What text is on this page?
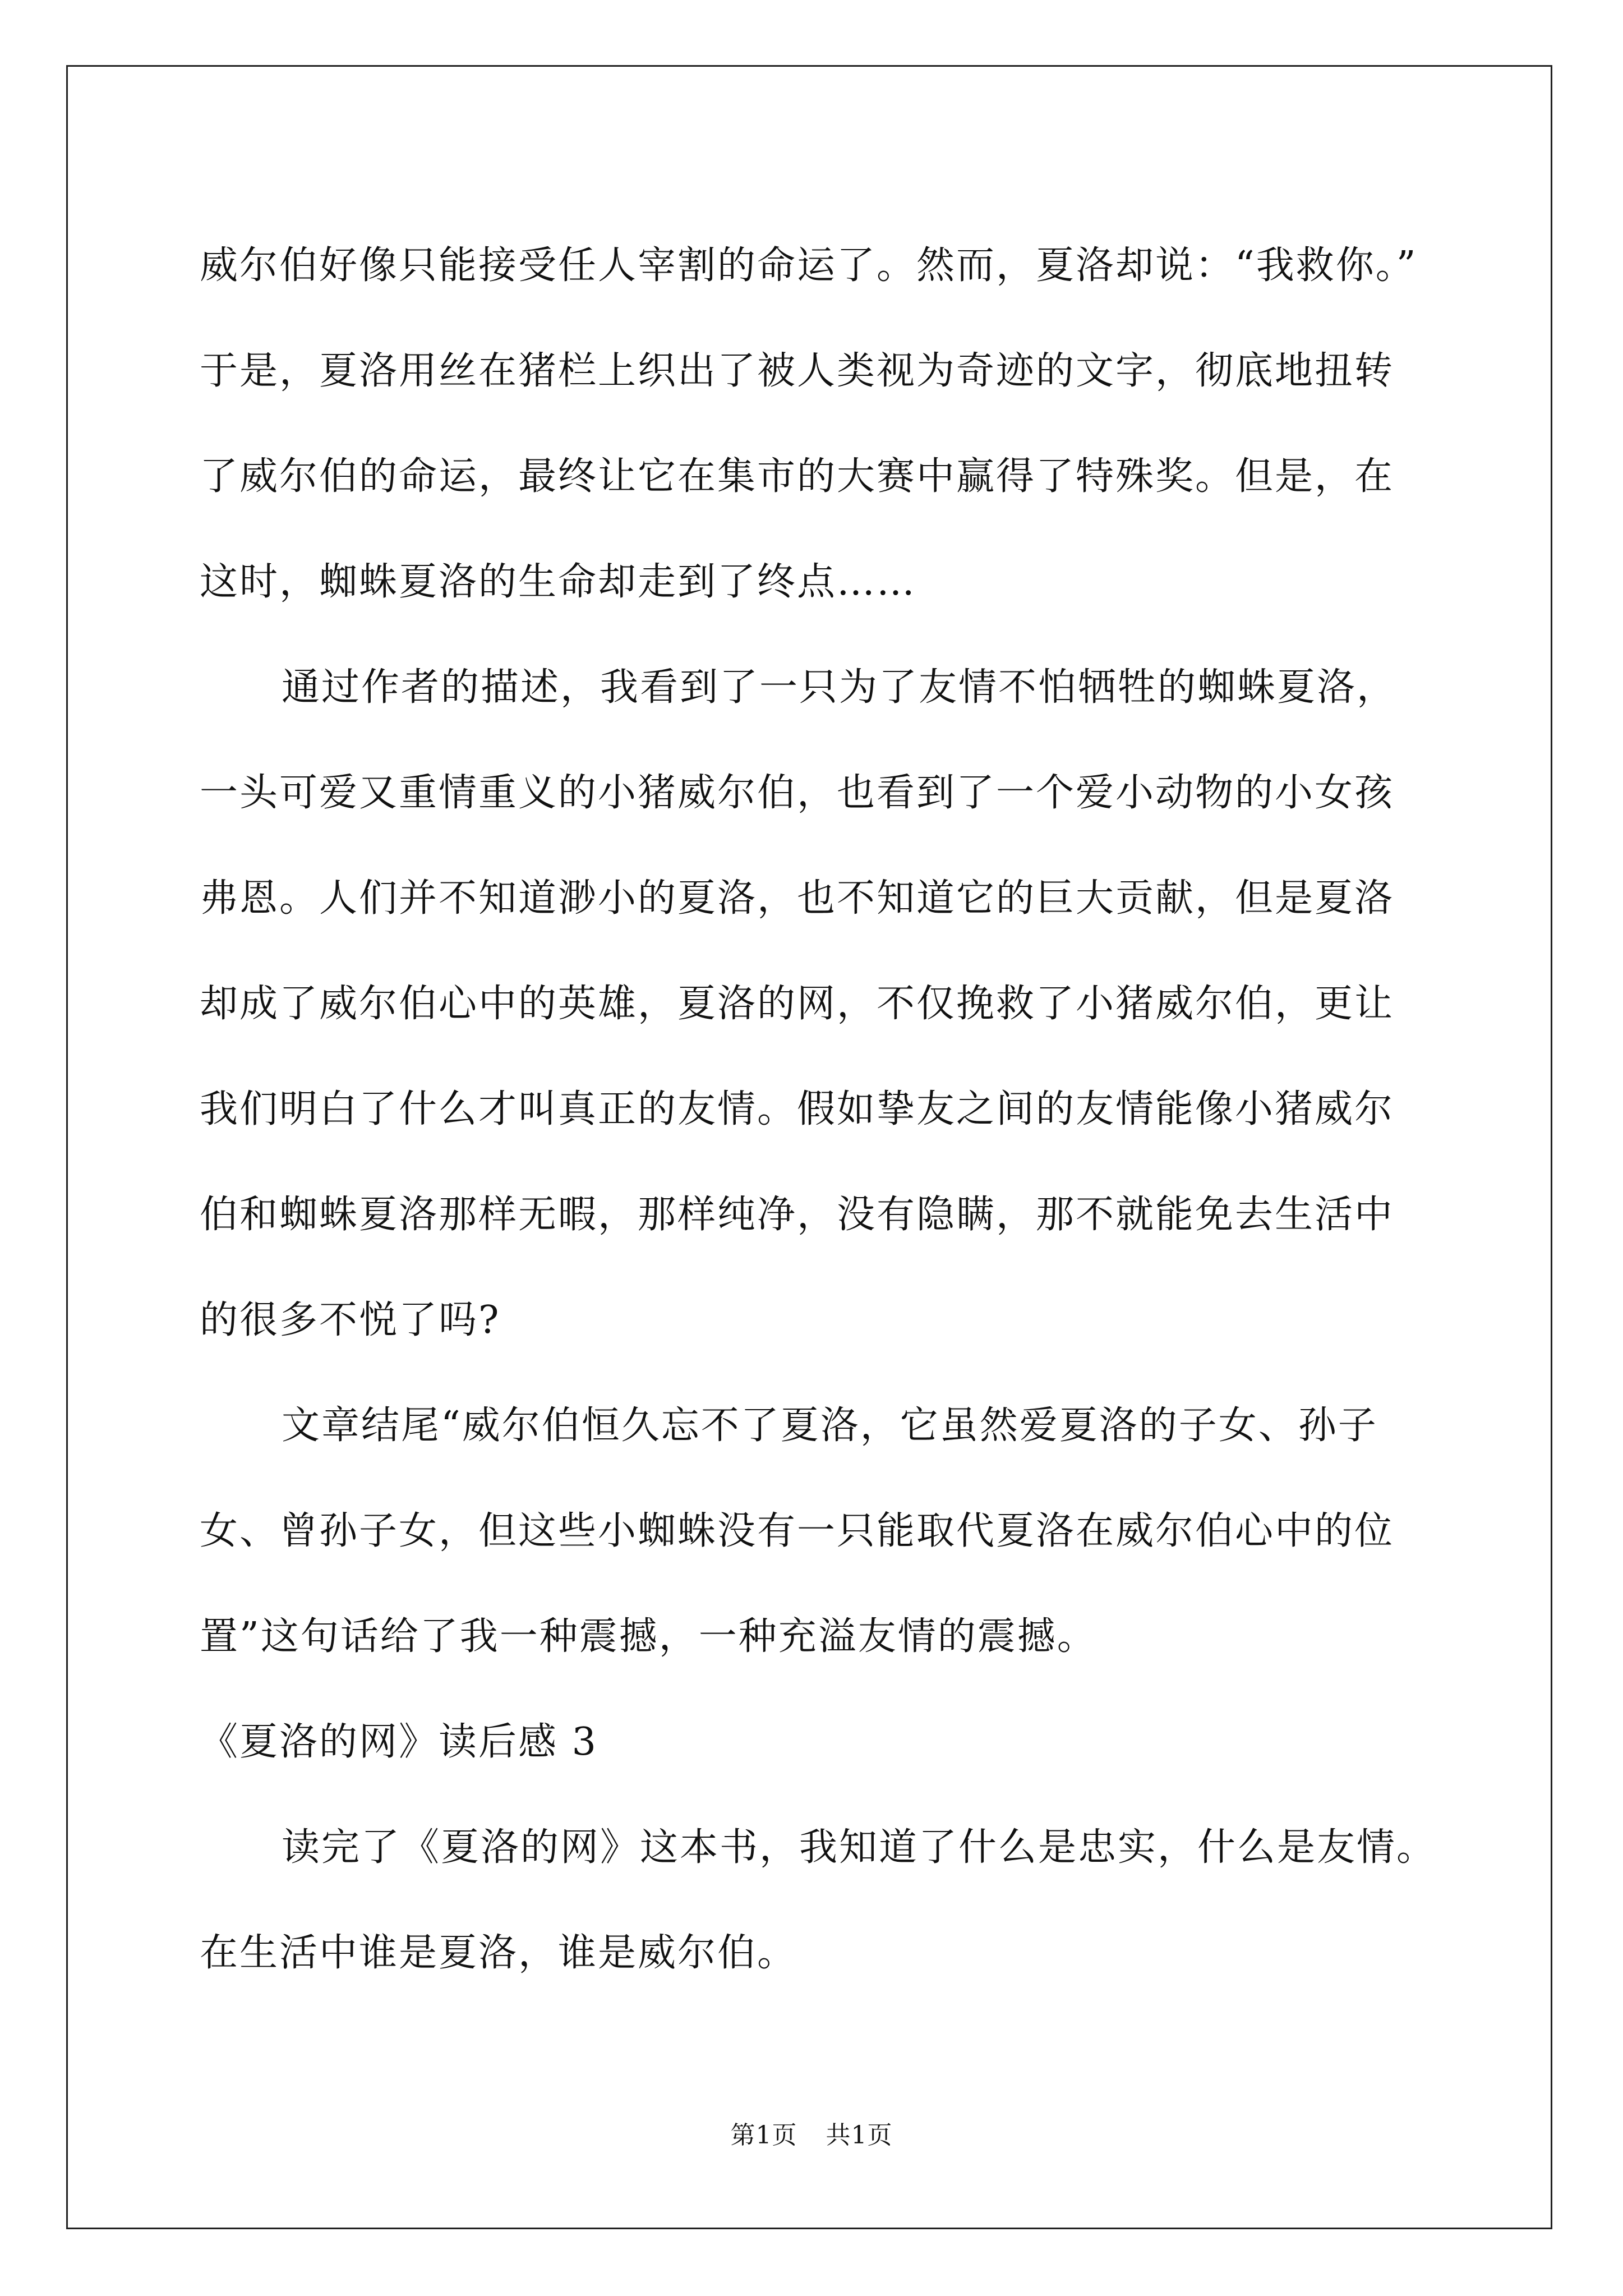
威尔伯好像只能接受任人宰割的命运了。然而，夏洛却说：“我救你。”
于是，夏洛用丝在猪栏上织出了被人类视为奇迹的文字，彻底地扭转
了威尔伯的命运，最终让它在集市的大赛中赢得了特殊奖。但是，在
这时，蜘蛛夏洛的生命却走到了终点……
通过作者的描述，我看到了一只为了友情不怕牺牲的蜘蛛夏洛，
一头可爱又重情重义的小猪威尔伯，也看到了一个爱小动物的小女孩
弗恩。人们并不知道渺小的夏洛，也不知道它的巨大贡献，但是夏洛
却成了威尔伯心中的英雄，夏洛的网，不仅挽救了小猪威尔伯，更让
我们明白了什么才叫真正的友情。假如挚友之间的友情能像小猪威尔
伯和蜘蛛夏洛那样无暇，那样纯净，没有隐瞒，那不就能免去生活中
的很多不悦了吗?
文章结尾“威尔伯恒久忘不了夏洛，它虽然爱夏洛的子女、孙子
女、曾孙子女，但这些小蜘蛛没有一只能取代夏洛在威尔伯心中的位
置”这句话给了我一种震撼，一种充溢友情的震撼。
《夏洛的网》读后感 3
读完了《夏洛的网》这本书，我知道了什么是忠实，什么是友情。
在生活中谁是夏洛，谁是威尔伯。
第1页 共1页
